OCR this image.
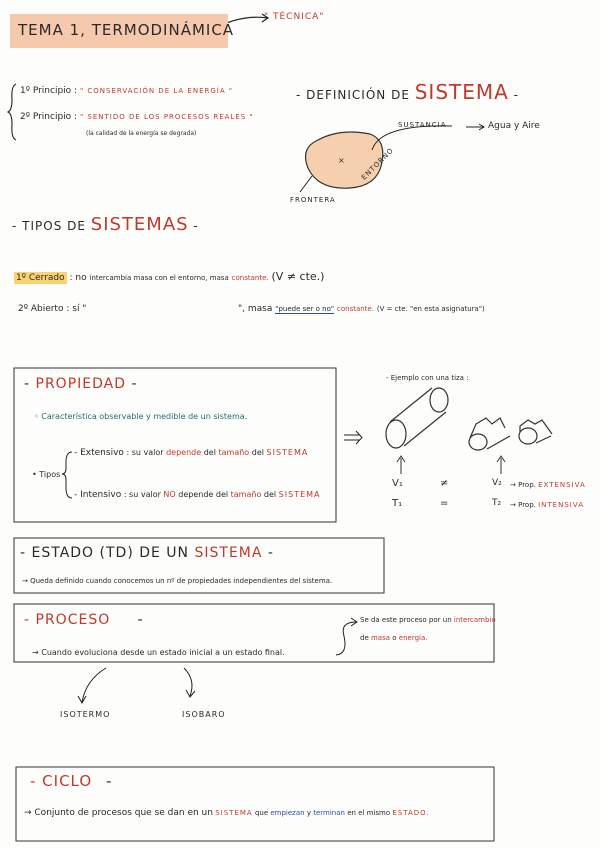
×
TEMA 1, TERMODINÁMICA
" TÉCNICA"
1º Principio : " CONSERVACIÓN DE LA ENERGÍA "
2º Principio : " SENTIDO DE LOS PROCESOS REALES "
(la calidad de la energía se degrada)
- DEFINICIÓN DE SISTEMA -
SUSTANCIA	Agua y Aire
FRONTERA
ENTORNO
- TIPOS DE SISTEMAS -
1º Cerrado : no intercambia masa con el entorno, masa constante. (V ≠ cte.)
2º Abierto : sí "	", masa "puede ser o no" constante. (V = cte. "en esta asignatura")
- PROPIEDAD -
◦ Característica observable y medible de un sistema.
• Tipos
- Extensivo : su valor depende del tamaño del SISTEMA
- Intensivo : su valor NO depende del tamaño del SISTEMA
- Ejemplo con una tiza :
V₁	≠	V₂ → Prop. EXTENSIVA
T₁	=	T₂ → Prop. INTENSIVA
- ESTADO (TD) DE UN SISTEMA -
→ Queda definido cuando conocemos un nº de propiedades independientes del sistema.
- PROCESO -
→ Cuando evoluciona desde un estado inicial a un estado final.
Se da este proceso por un intercambio
de masa o energía.
ISOTERMO	ISOBARO
- CICLO -
→ Conjunto de procesos que se dan en un SISTEMA que empiezan y terminan en el mismo ESTADO.
